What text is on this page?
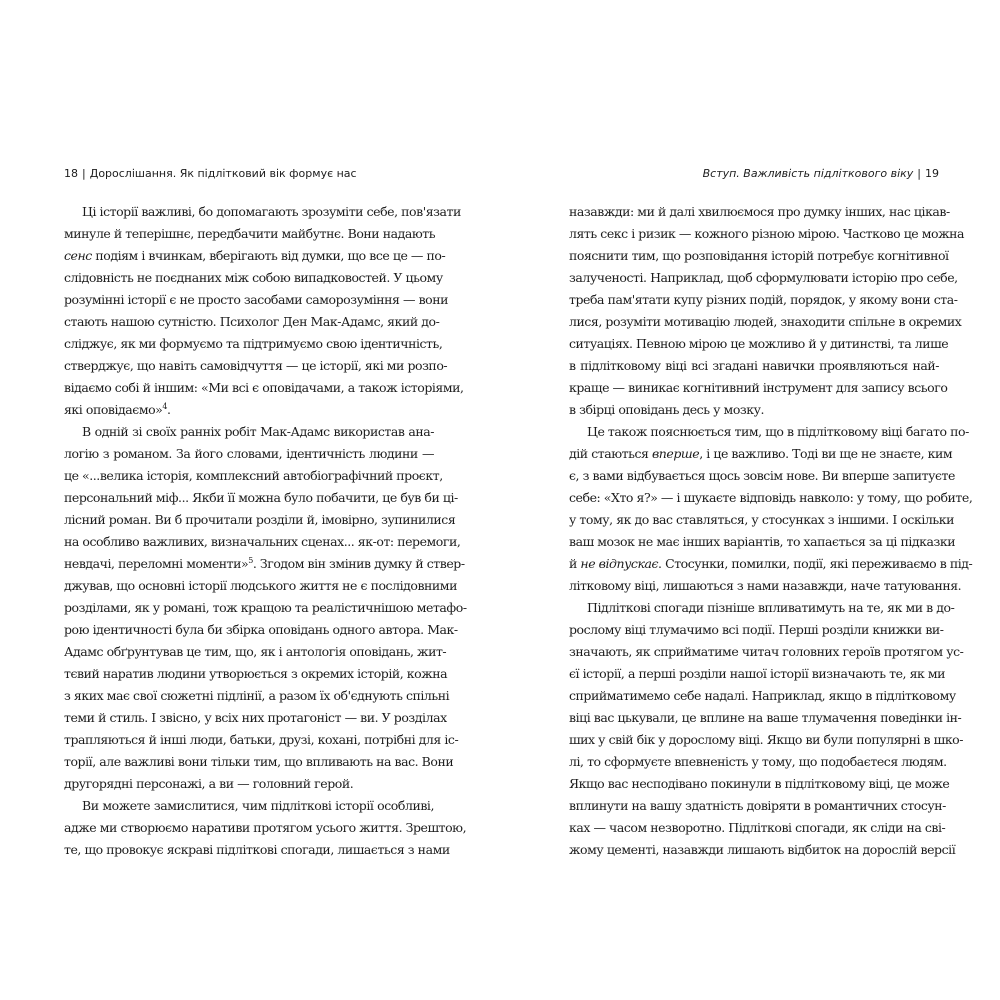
18 | Дорослішання. Як підлітковий вік формує нас
Ці історії важливі, бо допомагають зрозуміти себе, пов'язати
минуле й теперішнє, передбачити майбутнє. Вони надають
сенс подіям і вчинкам, вберігають від думки, що все це — по-
слідовність не поєднаних між собою випадковостей. У цьому
розумінні історії є не просто засобами саморозуміння — вони
стають нашою сутністю. Психолог Ден Мак-Адамс, який до-
сліджує, як ми формуємо та підтримуємо свою ідентичність,
стверджує, що навіть самовідчуття — це історії, які ми розпо-
відаємо собі й іншим: «Ми всі є оповідачами, а також історіями,
які оповідаємо»$^4$.
В одній зі своїх ранніх робіт Мак-Адамс використав ана-
логію з романом. За його словами, ідентичність людини —
це «...велика історія, комплексний автобіографічний проєкт,
персональний міф... Якби її можна було побачити, це був би ці-
лісний роман. Ви б прочитали розділи й, імовірно, зупинилися
на особливо важливих, визначальних сценах... як-от: перемоги,
невдачі, переломні моменти»$^5$. Згодом він змінив думку й ствер-
джував, що основні історії людського життя не є послідовними
розділами, як у романі, тож кращою та реалістичнішою метафо-
рою ідентичності була би збірка оповідань одного автора. Мак-
Адамс обґрунтував це тим, що, як і антологія оповідань, жит-
тєвий наратив людини утворюється з окремих історій, кожна
з яких має свої сюжетні підлінії, а разом їх об'єднують спільні
теми й стиль. І звісно, у всіх них протагоніст — ви. У розділах
трапляються й інші люди, батьки, друзі, кохані, потрібні для іс-
торії, але важливі вони тільки тим, що впливають на вас. Вони
другорядні персонажі, а ви — головний герой.
Ви можете замислитися, чим підліткові історії особливі,
адже ми створюємо наративи протягом усього життя. Зрештою,
те, що провокує яскраві підліткові спогади, лишається з нами
Вступ. Важливість підліткового віку | 19
назавжди: ми й далі хвилюємося про думку інших, нас цікав-
лять секс і ризик — кожного різною мірою. Частково це можна
пояснити тим, що розповідання історій потребує когнітивної
залученості. Наприклад, щоб сформулювати історію про себе,
треба пам'ятати купу різних подій, порядок, у якому вони ста-
лися, розуміти мотивацію людей, знаходити спільне в окремих
ситуаціях. Певною мірою це можливо й у дитинстві, та лише
в підлітковому віці всі згадані навички проявляються най-
краще — виникає когнітивний інструмент для запису всього
в збірці оповідань десь у мозку.
Це також пояснюється тим, що в підлітковому віці багато по-
дій стаються вперше, і це важливо. Тоді ви ще не знаєте, ким
є, з вами відбувається щось зовсім нове. Ви вперше запитуєте
себе: «Хто я?» — і шукаєте відповідь навколо: у тому, що робите,
у тому, як до вас ставляться, у стосунках з іншими. І оскільки
ваш мозок не має інших варіантів, то хапається за ці підказки
й не відпускає. Стосунки, помилки, події, які переживаємо в під-
літковому віці, лишаються з нами назавжди, наче татуювання.
Підліткові спогади пізніше впливатимуть на те, як ми в до-
рослому віці тлумачимо всі події. Перші розділи книжки ви-
значають, як сприйматиме читач головних героїв протягом ус-
єї історії, а перші розділи нашої історії визначають те, як ми
сприйматимемо себе надалі. Наприклад, якщо в підлітковому
віці вас цькували, це вплине на ваше тлумачення поведінки ін-
ших у свій бік у дорослому віці. Якщо ви були популярні в шко-
лі, то сформуєте впевненість у тому, що подобаєтеся людям.
Якщо вас несподівано покинули в підлітковому віці, це може
вплинути на вашу здатність довіряти в романтичних стосун-
ках — часом незворотно. Підліткові спогади, як сліди на сві-
жому цементі, назавжди лишають відбиток на дорослій версії
